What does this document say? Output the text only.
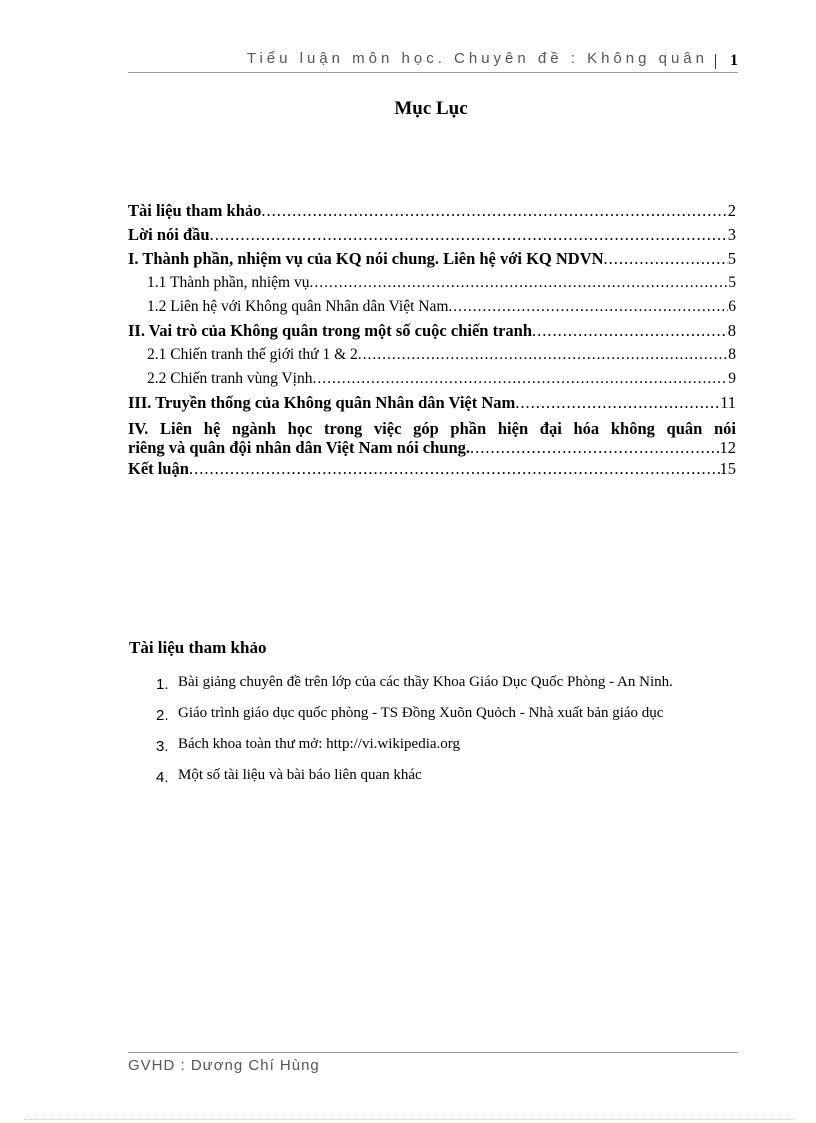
Tiểu luận môn học. Chuyên đề : Không quân 1
Mục Lục
Tài liệu tham khảo .....	2
Lời nói đầu .....	3
I. Thành phần, nhiệm vụ của KQ nói chung. Liên hệ với KQ NDVN .....	5
1.1 Thành phần, nhiệm vụ .....	5
1.2 Liên hệ với Không quân Nhân dân Việt Nam .....	6
II. Vai trò của Không quân trong một số cuộc chiến tranh .....	8
2.1 Chiến tranh thế giới thứ 1 & 2 .....	8
2.2 Chiến tranh vùng Vịnh .....	9
III. Truyền thống của Không quân Nhân dân Việt Nam .....	11
IV. Liên hệ ngành học trong việc góp phần hiện đại hóa không quân nói
riêng và quân đội nhân dân Việt Nam nói chung. .....	12
Kết luận .....	15
Tài liệu tham khảo
1. Bài giảng chuyên đề trên lớp của các thầy Khoa Giáo Dục Quốc Phòng - An Ninh.
2. Giáo trình giáo dục quốc phòng - TS Đồng Xuõn Quỏch - Nhà xuất bản giáo dục
3. Bách khoa toàn thư mở: http://vi.wikipedia.org
4. Một số tài liệu và bài báo liên quan khác
GVHD : Dương Chí Hùng
